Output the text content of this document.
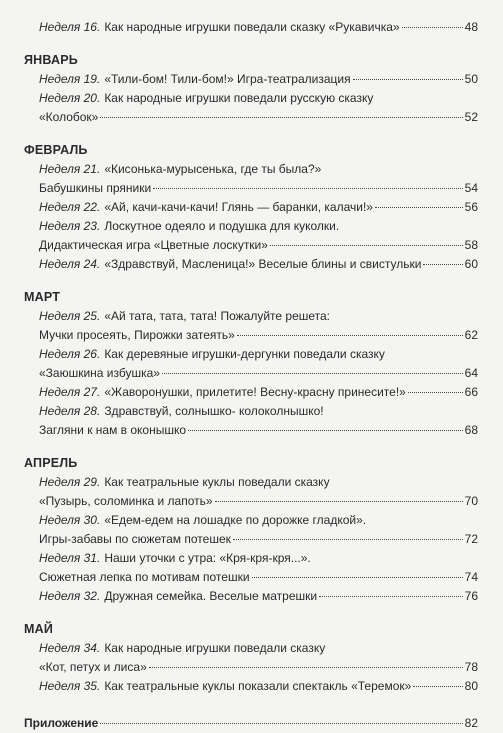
Неделя 16. Как народные игрушки поведали сказку «Рукавичка»	48
ЯНВАРЬ
Неделя 19. «Тили-бом! Тили-бом!» Игра-театрализация	50
Неделя 20. Как народные игрушки поведали русскую сказку
«Колобок»	52
ФЕВРАЛЬ
Неделя 21. «Кисонька-мурысенька, где ты была?»
Бабушкины пряники	54
Неделя 22. «Ай, качи-качи-качи! Глянь — баранки, калачи!»	56
Неделя 23. Лоскутное одеяло и подушка для куколки.
Дидактическая игра «Цветные лоскутки»	58
Неделя 24. «Здравствуй, Масленица!» Веселые блины и свистульки	60
МАРТ
Неделя 25. «Ай тата, тата, тата! Пожалуйте решета:
Мучки просеять, Пирожки затеять»	62
Неделя 26. Как деревяные игрушки-дергунки поведали сказку
«Заюшкина избушка»	64
Неделя 27. «Жаворонушки, прилетите! Весну-красну принесите!»	66
Неделя 28. Здравствуй, солнышко- колоколнышко!
Загляни к нам в оконышко	68
АПРЕЛЬ
Неделя 29. Как театральные куклы поведали сказку
«Пузырь, соломинка и лапоть»	70
Неделя 30. «Едем-едем на лошадке по дорожке гладкой».
Игры-забавы по сюжетам потешек	72
Неделя 31. Наши уточки с утра: «Кря-кря-кря...».
Сюжетная лепка по мотивам потешки	74
Неделя 32. Дружная семейка. Веселые матрешки	76
МАЙ
Неделя 34. Как народные игрушки поведали сказку
«Кот, петух и лиса»	78
Неделя 35. Как театральные куклы показали спектакль «Теремок»	80
Приложение	82
